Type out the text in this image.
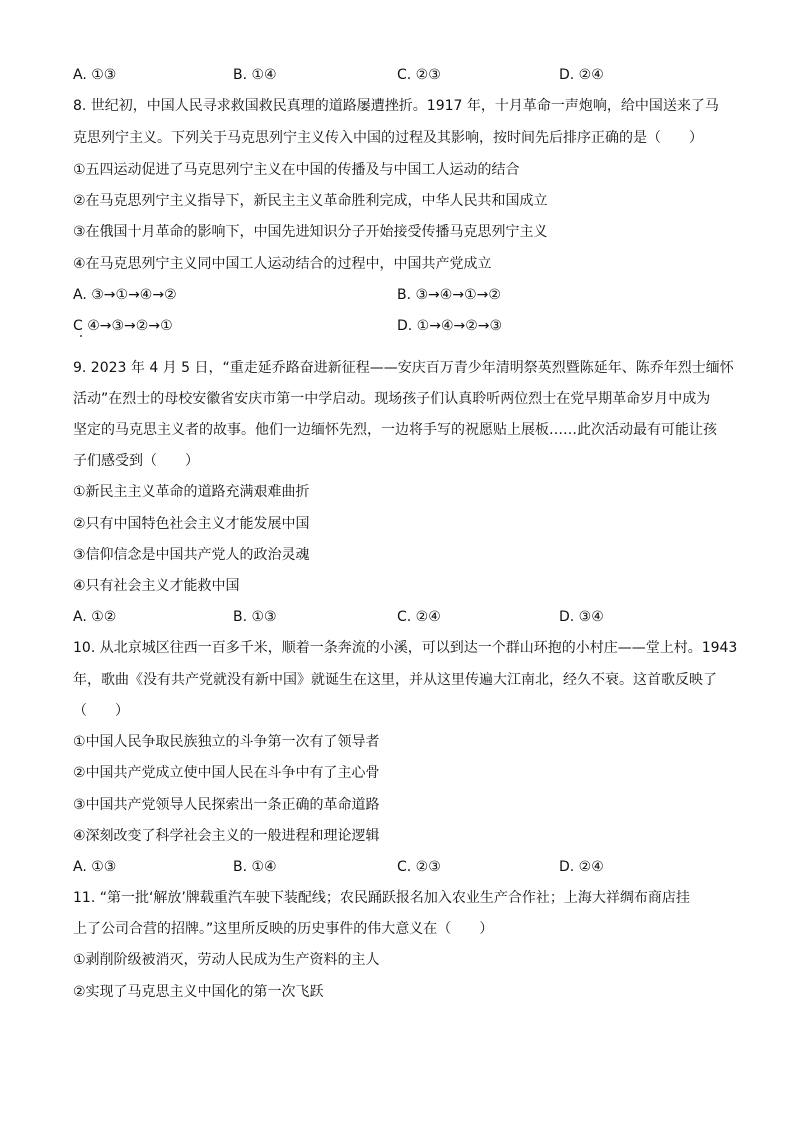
A. ①③	B. ①④	C. ②③	D. ②④
8. 世纪初，中国人民寻求救国救民真理的道路屡遭挫折。1917 年，十月革命一声炮响，给中国送来了马
克思列宁主义。下列关于马克思列宁主义传入中国的过程及其影响，按时间先后排序正确的是（　　）
①五四运动促进了马克思列宁主义在中国的传播及与中国工人运动的结合
②在马克思列宁主义指导下，新民主主义革命胜利完成，中华人民共和国成立
③在俄国十月革命的影响下，中国先进知识分子开始接受传播马克思列宁主义
④在马克思列宁主义同中国工人运动结合的过程中，中国共产党成立
A. ③→①→④→②	B. ③→④→①→②
C ④→③→②→①	D. ①→④→②→③
9. 2023 年 4 月 5 日，“重走延乔路奋进新征程——安庆百万青少年清明祭英烈暨陈延年、陈乔年烈士缅怀
活动”在烈士的母校安徽省安庆市第一中学启动。现场孩子们认真聆听两位烈士在党早期革命岁月中成为
坚定的马克思主义者的故事。他们一边缅怀先烈，一边将手写的祝愿贴上展板……此次活动最有可能让孩
子们感受到（　　）
①新民主主义革命的道路充满艰难曲折
②只有中国特色社会主义才能发展中国
③信仰信念是中国共产党人的政治灵魂
④只有社会主义才能救中国
A. ①②	B. ①③	C. ②④	D. ③④
10. 从北京城区往西一百多千米，顺着一条奔流的小溪，可以到达一个群山环抱的小村庄——堂上村。1943
年，歌曲《没有共产党就没有新中国》就诞生在这里，并从这里传遍大江南北，经久不衰。这首歌反映了
（　　）
①中国人民争取民族独立的斗争第一次有了领导者
②中国共产党成立使中国人民在斗争中有了主心骨
③中国共产党领导人民探索出一条正确的革命道路
④深刻改变了科学社会主义的一般进程和理论逻辑
A. ①③	B. ①④	C. ②③	D. ②④
11. “第一批‘解放’牌载重汽车驶下装配线；农民踊跃报名加入农业生产合作社；上海大祥绸布商店挂
上了公司合营的招牌。”这里所反映的历史事件的伟大意义在（　　）
①剥削阶级被消灭，劳动人民成为生产资料的主人
②实现了马克思主义中国化的第一次飞跃
